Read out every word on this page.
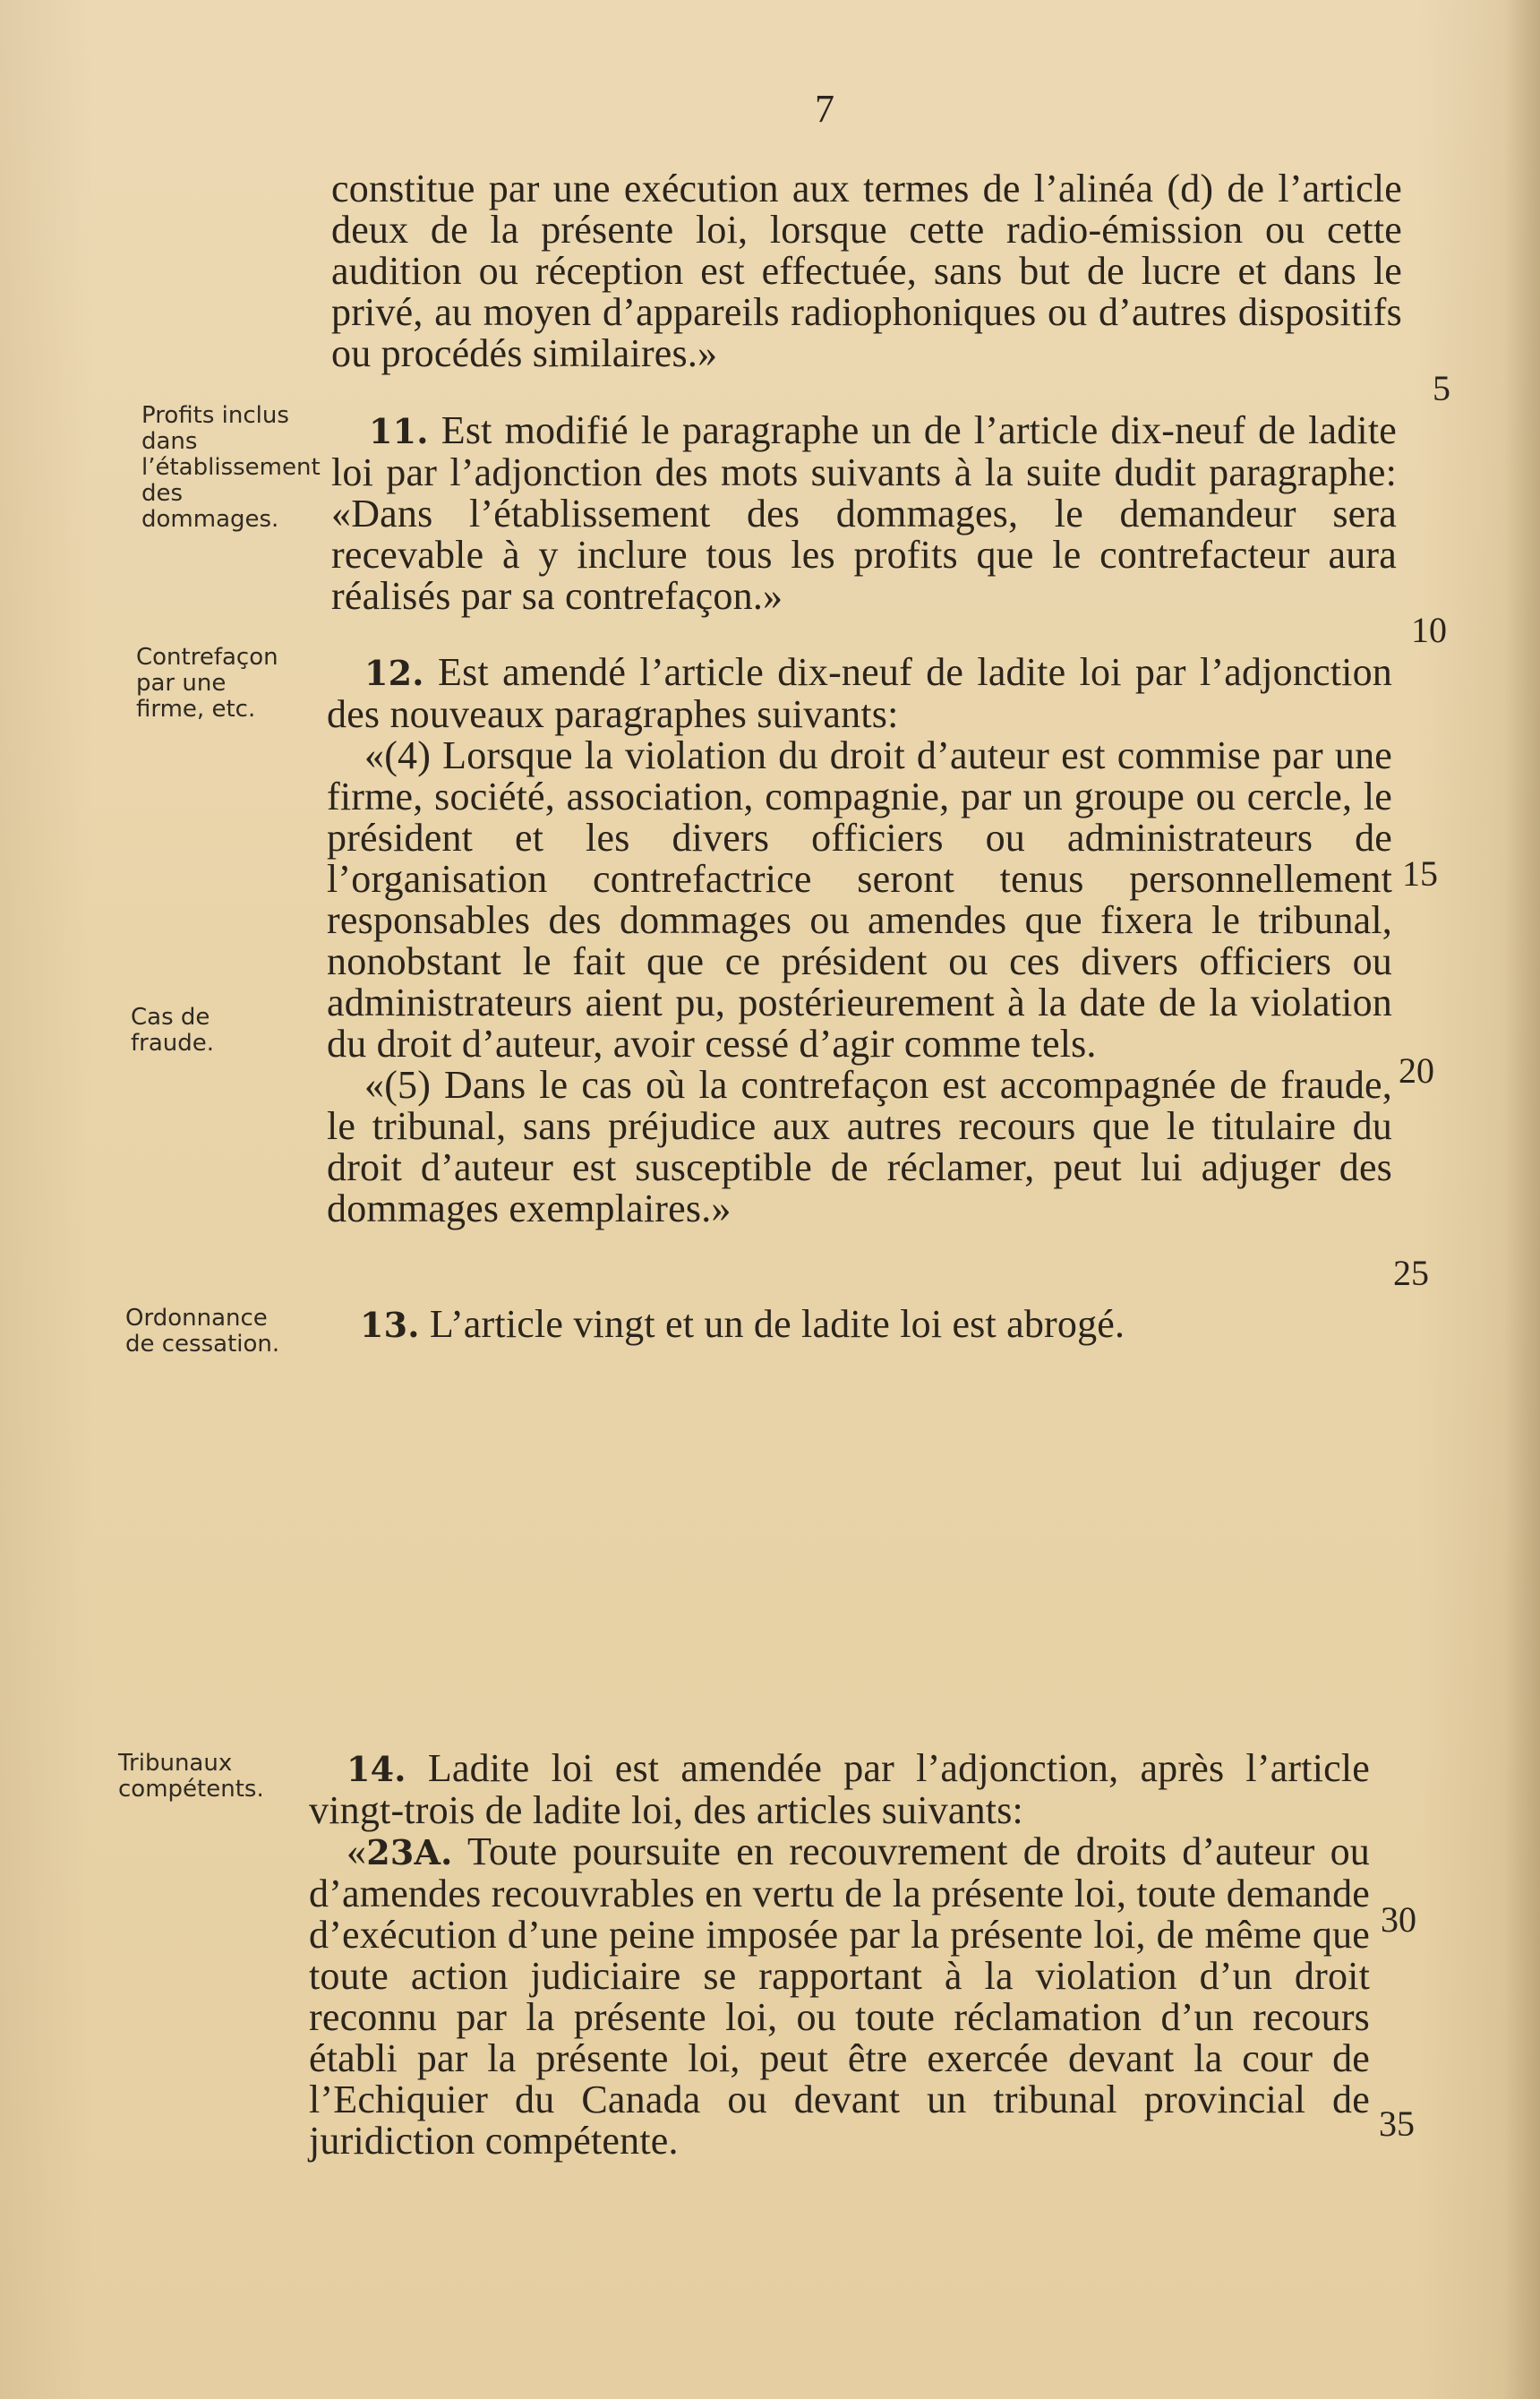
7
Profits inclus dans l’établissement des dommages.
Contrefaçon par une firme, etc.
Cas de fraude.
Ordonnance de cessation.
Tribunaux compétents.
5
10
15
20
25
30
35

constitue par une exécution aux termes de l’alinéa (d) de l’article deux de la présente loi, lorsque cette radio-émission ou cette audition ou réception est effectuée, sans but de lucre et dans le privé, au moyen d’appareils radiophoniques ou d’autres dispositifs ou procédés similaires.»

11. Est modifié le paragraphe un de l’article dix-neuf de ladite loi par l’adjonction des mots suivants à la suite dudit paragraphe: «Dans l’établissement des dommages, le demandeur sera recevable à y inclure tous les profits que le contrefacteur aura réalisés par sa contrefaçon.»

12. Est amendé l’article dix-neuf de ladite loi par l’adjonction des nouveaux paragraphes suivants:

«(4) Lorsque la violation du droit d’auteur est commise par une firme, société, association, compagnie, par un groupe ou cercle, le président et les divers officiers ou administrateurs de l’organisation contrefactrice seront tenus personnellement responsables des dommages ou amendes que fixera le tribunal, nonobstant le fait que ce président ou ces divers officiers ou administrateurs aient pu, postérieurement à la date de la violation du droit d’auteur, avoir cessé d’agir comme tels.

«(5) Dans le cas où la contrefaçon est accompagnée de fraude, le tribunal, sans préjudice aux autres recours que le titulaire du droit d’auteur est susceptible de réclamer, peut lui adjuger des dommages exemplaires.»

13. L’article vingt et un de ladite loi est abrogé.

14. Ladite loi est amendée par l’adjonction, après l’article vingt-trois de ladite loi, des articles suivants:

«23A. Toute poursuite en recouvrement de droits d’auteur ou d’amendes recouvrables en vertu de la présente loi, toute demande d’exécution d’une peine imposée par la présente loi, de même que toute action judiciaire se rapportant à la violation d’un droit reconnu par la présente loi, ou toute réclamation d’un recours établi par la présente loi, peut être exercée devant la cour de l’Echiquier du Canada ou devant un tribunal provincial de juridiction compétente.
